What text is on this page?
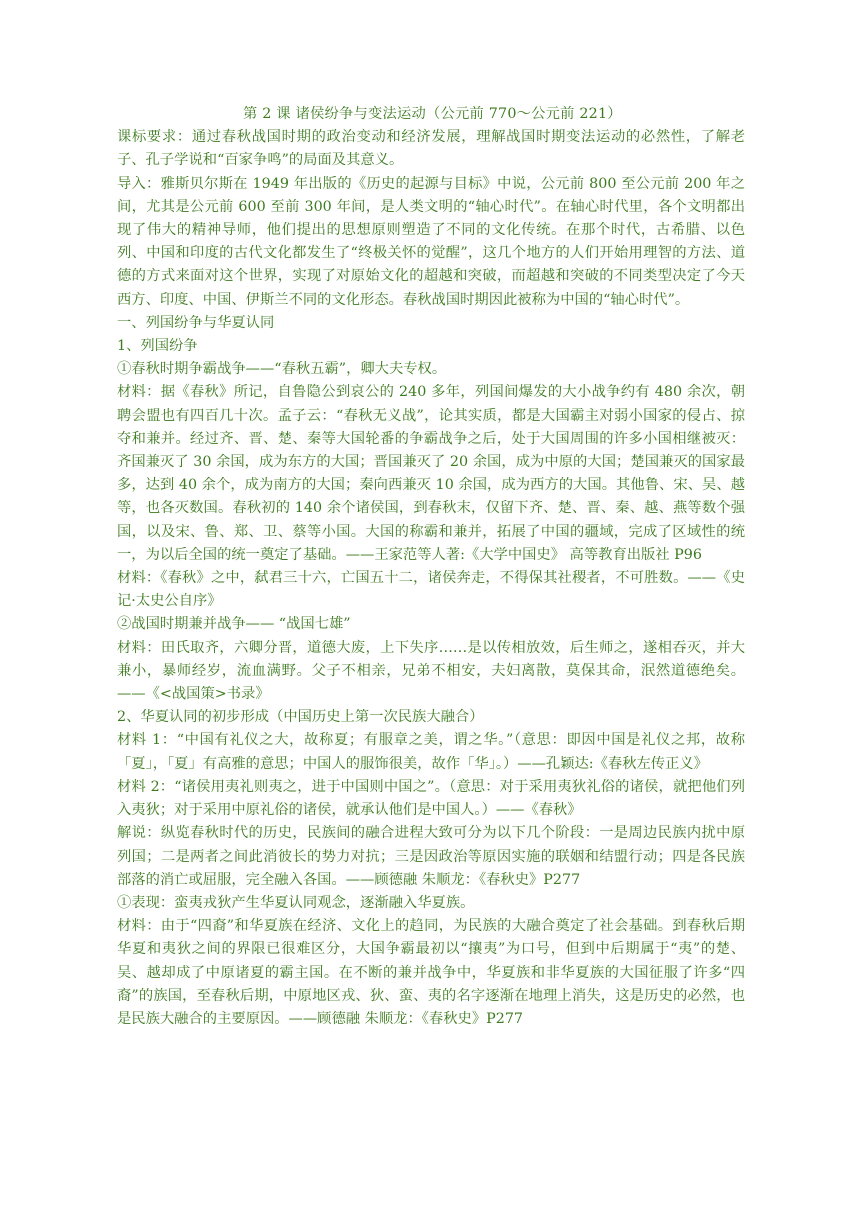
第 2 课 诸侯纷争与变法运动（公元前 770～公元前 221）

课标要求：通过春秋战国时期的政治变动和经济发展，理解战国时期变法运动的必然性，了解老子、孔子学说和“百家争鸣”的局面及其意义。

导入：雅斯贝尔斯在 1949 年出版的《历史的起源与目标》中说，公元前 800 至公元前 200 年之间，尤其是公元前 600 至前 300 年间，是人类文明的“轴心时代”。在轴心时代里，各个文明都出现了伟大的精神导师，他们提出的思想原则塑造了不同的文化传统。在那个时代，古希腊、以色列、中国和印度的古代文化都发生了“终极关怀的觉醒”，这几个地方的人们开始用理智的方法、道德的方式来面对这个世界，实现了对原始文化的超越和突破，而超越和突破的不同类型决定了今天西方、印度、中国、伊斯兰不同的文化形态。春秋战国时期因此被称为中国的“轴心时代”。

一、列国纷争与华夏认同

1、列国纷争

①春秋时期争霸战争——“春秋五霸”，卿大夫专权。

材料：据《春秋》所记，自鲁隐公到哀公的 240 多年，列国间爆发的大小战争约有 480 余次，朝聘会盟也有四百几十次。孟子云：“春秋无义战”，论其实质，都是大国霸主对弱小国家的侵占、掠夺和兼并。经过齐、晋、楚、秦等大国轮番的争霸战争之后，处于大国周围的许多小国相继被灭：齐国兼灭了 30 余国，成为东方的大国；晋国兼灭了 20 余国，成为中原的大国；楚国兼灭的国家最多，达到 40 余个，成为南方的大国；秦向西兼灭 10 余国，成为西方的大国。其他鲁、宋、吴、越等，也各灭数国。春秋初的 140 余个诸侯国，到春秋末，仅留下齐、楚、晋、秦、越、燕等数个强国，以及宋、鲁、郑、卫、蔡等小国。大国的称霸和兼并，拓展了中国的疆域，完成了区域性的统一，为以后全国的统一奠定了基础。——王家范等人著:《大学中国史》 高等教育出版社 P96

材料：《春秋》之中，弑君三十六，亡国五十二，诸侯奔走，不得保其社稷者，不可胜数。——《史记·太史公自序》

②战国时期兼并战争—— “战国七雄”

材料：田氏取齐，六卿分晋，道德大废，上下失序……是以传相放效，后生师之，遂相吞灭，并大兼小，暴师经岁，流血满野。父子不相亲，兄弟不相安，夫妇离散，莫保其命，泯然道德绝矣。——《<战国策>书录》

2、华夏认同的初步形成（中国历史上第一次民族大融合）

材料 1：“中国有礼仪之大，故称夏；有服章之美，谓之华。”（意思：即因中国是礼仪之邦，故称「夏」，「夏」有高雅的意思；中国人的服饰很美，故作「华」。）——孔颖达:《春秋左传正义》

材料 2：“诸侯用夷礼则夷之，进于中国则中国之”。（意思：对于采用夷狄礼俗的诸侯，就把他们列入夷狄；对于采用中原礼俗的诸侯，就承认他们是中国人。）——《春秋》

解说：纵览春秋时代的历史，民族间的融合进程大致可分为以下几个阶段：一是周边民族内扰中原列国；二是两者之间此消彼长的势力对抗；三是因政治等原因实施的联姻和结盟行动；四是各民族部落的消亡或屈服，完全融入各国。——顾德融 朱顺龙：《春秋史》P277

①表现：蛮夷戎狄产生华夏认同观念，逐渐融入华夏族。

材料：由于“四裔”和华夏族在经济、文化上的趋同，为民族的大融合奠定了社会基础。到春秋后期华夏和夷狄之间的界限已很难区分，大国争霸最初以“攘夷”为口号，但到中后期属于“夷”的楚、吴、越却成了中原诸夏的霸主国。在不断的兼并战争中，华夏族和非华夏族的大国征服了许多“四裔”的族国，至春秋后期，中原地区戎、狄、蛮、夷的名字逐渐在地理上消失，这是历史的必然，也是民族大融合的主要原因。——顾德融 朱顺龙：《春秋史》P277
